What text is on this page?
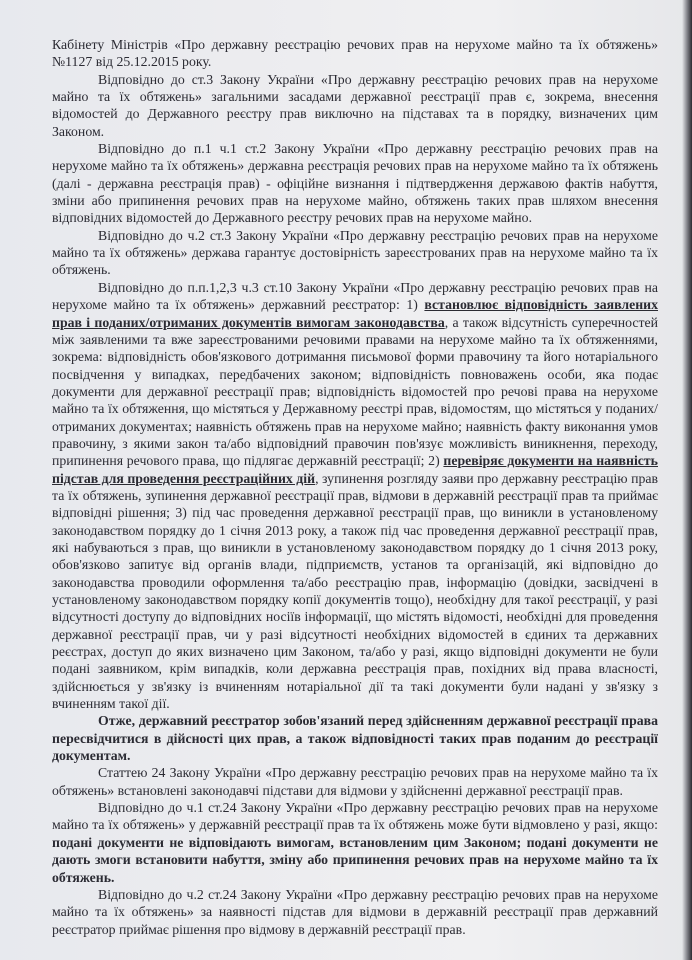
Кабінету Міністрів «Про державну реєстрацію речових прав на нерухоме майно та їх обтяжень» №1127 від 25.12.2015 року.

Відповідно до ст.3 Закону України «Про державну реєстрацію речових прав на нерухоме майно та їх обтяжень» загальними засадами державної реєстрації прав є, зокрема, внесення відомостей до Державного реєстру прав виключно на підставах та в порядку, визначених цим Законом.

Відповідно до п.1 ч.1 ст.2 Закону України «Про державну реєстрацію речових прав на нерухоме майно та їх обтяжень» державна реєстрація речових прав на нерухоме майно та їх обтяжень (далі - державна реєстрація прав) - офіційне визнання і підтвердження державою фактів набуття, зміни або припинення речових прав на нерухоме майно, обтяжень таких прав шляхом внесення відповідних відомостей до Державного реєстру речових прав на нерухоме майно.

Відповідно до ч.2 ст.3 Закону України «Про державну реєстрацію речових прав на нерухоме майно та їх обтяжень» держава гарантує достовірність зареєстрованих прав на нерухоме майно та їх обтяжень.

Відповідно до п.п.1,2,3 ч.3 ст.10 Закону України «Про державну реєстрацію речових прав на нерухоме майно та їх обтяжень» державний реєстратор: 1) встановлює відповідність заявлених прав і поданих/отриманих документів вимогам законодавства, а також відсутність суперечностей між заявленими та вже зареєстрованими речовими правами на нерухоме майно та їх обтяженнями, зокрема: відповідність обов'язкового дотримання письмової форми правочину та його нотаріального посвідчення у випадках, передбачених законом; відповідність повноважень особи, яка подає документи для державної реєстрації прав; відповідність відомостей про речові права на нерухоме майно та їх обтяження, що містяться у Державному реєстрі прав, відомостям, що містяться у поданих/отриманих документах; наявність обтяжень прав на нерухоме майно; наявність факту виконання умов правочину, з якими закон та/або відповідний правочин пов'язує можливість виникнення, переходу, припинення речового права, що підлягає державній реєстрації; 2) перевіряє документи на наявність підстав для проведення реєстраційних дій, зупинення розгляду заяви про державну реєстрацію прав та їх обтяжень, зупинення державної реєстрації прав, відмови в державній реєстрації прав та приймає відповідні рішення; 3) під час проведення державної реєстрації прав, що виникли в установленому законодавством порядку до 1 січня 2013 року, а також під час проведення державної реєстрації прав, які набуваються з прав, що виникли в установленому законодавством порядку до 1 січня 2013 року, обов'язково запитує від органів влади, підприємств, установ та організацій, які відповідно до законодавства проводили оформлення та/або реєстрацію прав, інформацію (довідки, засвідчені в установленому законодавством порядку копії документів тощо), необхідну для такої реєстрації, у разі відсутності доступу до відповідних носіїв інформації, що містять відомості, необхідні для проведення державної реєстрації прав, чи у разі відсутності необхідних відомостей в єдиних та державних реєстрах, доступ до яких визначено цим Законом, та/або у разі, якщо відповідні документи не були подані заявником, крім випадків, коли державна реєстрація прав, похідних від права власності, здійснюється у зв'язку із вчиненням нотаріальної дії та такі документи були надані у зв'язку з вчиненням такої дії.

Отже, державний реєстратор зобов'язаний перед здійсненням державної реєстрації права пересвідчитися в дійсності цих прав, а також відповідності таких прав поданим до реєстрації документам.

Статтею 24 Закону України «Про державну реєстрацію речових прав на нерухоме майно та їх обтяжень» встановлені законодавчі підстави для відмови у здійсненні державної реєстрації прав.

Відповідно до ч.1 ст.24 Закону України «Про державну реєстрацію речових прав на нерухоме майно та їх обтяжень» у державній реєстрації прав та їх обтяжень може бути відмовлено у разі, якщо: подані документи не відповідають вимогам, встановленим цим Законом; подані документи не дають змоги встановити набуття, зміну або припинення речових прав на нерухоме майно та їх обтяжень.

Відповідно до ч.2 ст.24 Закону України «Про державну реєстрацію речових прав на нерухоме майно та їх обтяжень» за наявності підстав для відмови в державній реєстрації прав державний реєстратор приймає рішення про відмову в державній реєстрації прав.
